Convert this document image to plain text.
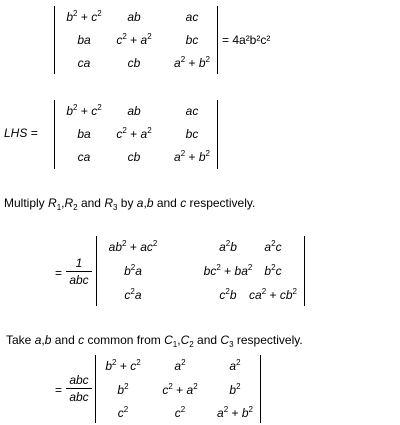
$b^2 + c^2$	ab	ac
ba	$c^2 + a^2$	bc
ca	cb	$a^2 + b^2$
= 4a²b²c²
LHS =
$b^2 + c^2$	ab	ac
ba	$c^2 + a^2$	bc
ca	cb	$a^2 + b^2$
Multiply $R_1,R_2$ and $R_3$ by a,b and c respectively.
=
1
abc
$ab^2 + ac^2$	$a^2b$	$a^2c$
$b^2a$	$bc^2 + ba^2$	$b^2c$
$c^2a$	$c^2b$	$ca^2 + cb^2$
Take a,b and c common from $C_1,C_2$ and $C_3$ respectively.
=
abc
abc
$b^2 + c^2$	$a^2$	$a^2$
$b^2$	$c^2 + a^2$	$b^2$
$c^2$	$c^2$	$a^2 + b^2$
